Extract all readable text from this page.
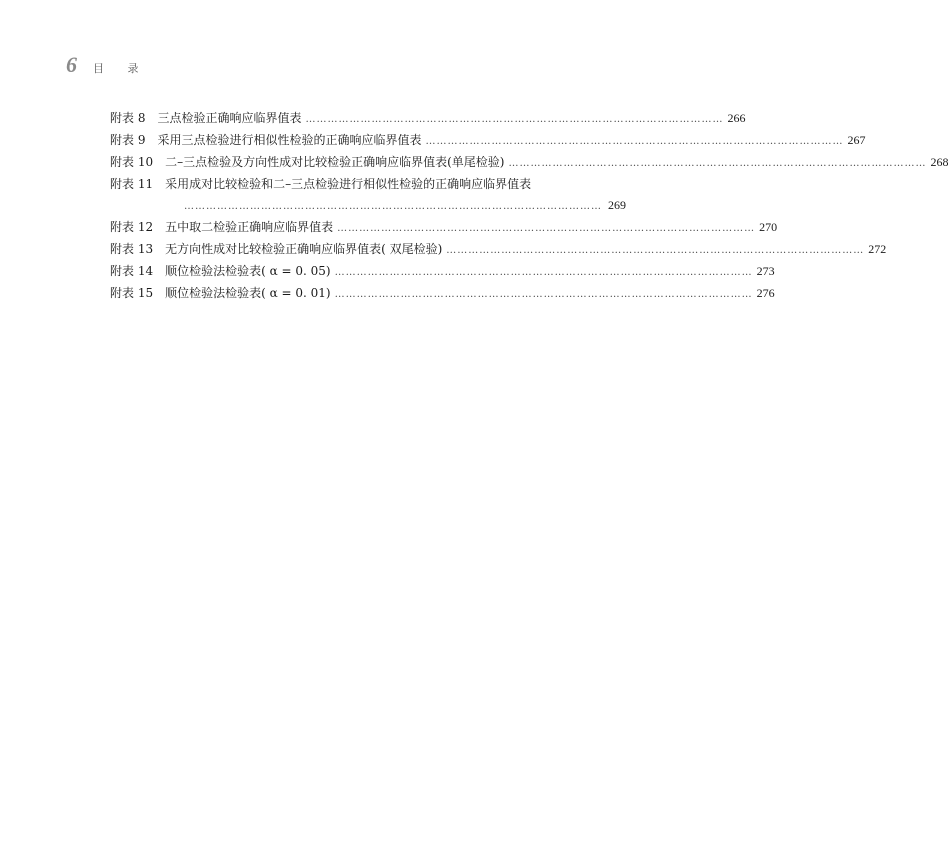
6 目 录
附表 8 三点检验正确响应临界值表 …………………………………………………………………………………………………… 266
附表 9 采用三点检验进行相似性检验的正确响应临界值表 …………………………………………………………………………………………………… 267
附表 10 二–三点检验及方向性成对比较检验正确响应临界值表(单尾检验) …………………………………………………………………………………………………… 268
附表 11 采用成对比较检验和二–三点检验进行相似性检验的正确响应临界值表
…………………………………………………………………………………………………… 269
附表 12 五中取二检验正确响应临界值表 …………………………………………………………………………………………………… 270
附表 13 无方向性成对比较检验正确响应临界值表( 双尾检验) …………………………………………………………………………………………………… 272
附表 14 顺位检验法检验表( α = 0. 05) …………………………………………………………………………………………………… 273
附表 15 顺位检验法检验表( α = 0. 01) …………………………………………………………………………………………………… 276
